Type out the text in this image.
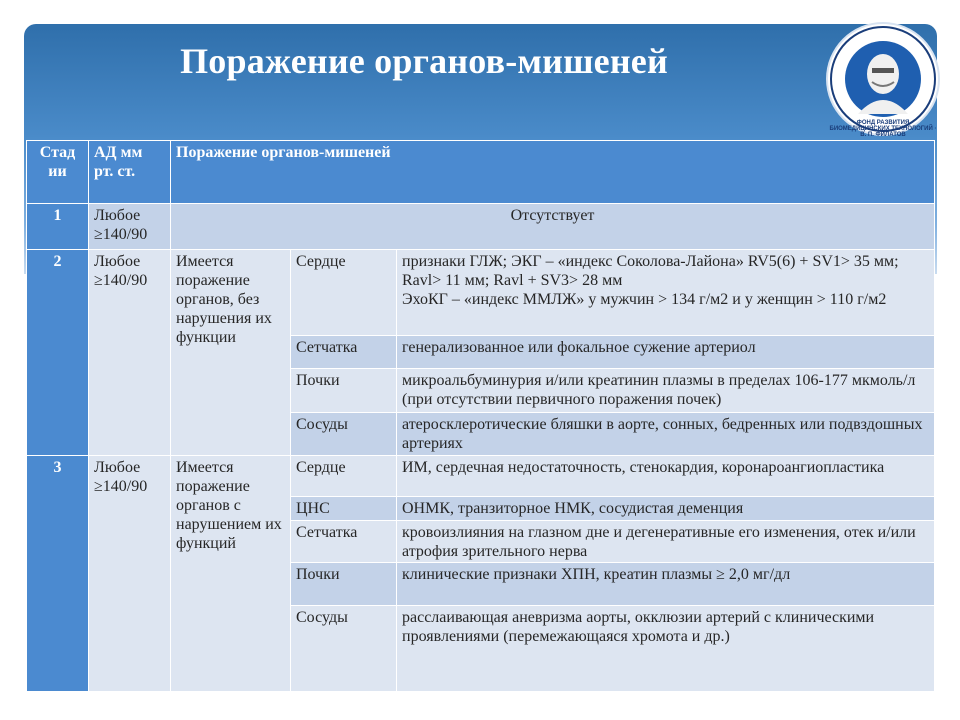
Поражение органов-мишеней
ФОНД РАЗВИТИЯ БИОМЕДИЦИНСКИХ ТЕХНОЛОГИЙ · В. П. ФИЛАТОВ
Стад ии	АД мм рт. ст.	Поражение органов-мишеней		
1	Любое ≥140/90	Отсутствует		
2	Любое ≥140/90	Имеется поражение органов, без нарушения их функции	Сердце	признаки ГЛЖ; ЭКГ – «индекс Соколова-Лайона» RV5(6) + SV1> 35 мм; Ravl> 11 мм; Ravl + SV3> 28 мм
ЭхоКГ – «индекс ММЛЖ» у мужчин > 134 г/м2 и у женщин > 110 г/м2
			Сетчатка	генерализованное или фокальное сужение артериол
			Почки	микроальбуминурия и/или креатинин плазмы в пределах 106-177 мкмоль/л (при отсутствии первичного поражения почек)
			Сосуды	атеросклеротические бляшки в аорте, сонных, бедренных или подвздошных артериях
3	Любое ≥140/90	Имеется поражение органов с нарушением их функций	Сердце	ИМ, сердечная недостаточность, стенокардия, коронароангиопластика
			ЦНС	ОНМК, транзиторное НМК, сосудистая деменция
			Сетчатка	кровоизлияния на глазном дне и дегенеративные его изменения, отек и/или атрофия зрительного нерва
			Почки	клинические признаки ХПН, креатин плазмы ≥ 2,0 мг/дл
			Сосуды	расслаивающая аневризма аорты, окклюзии артерий с клиническими
проявлениями (перемежающаяся хромота и др.)
